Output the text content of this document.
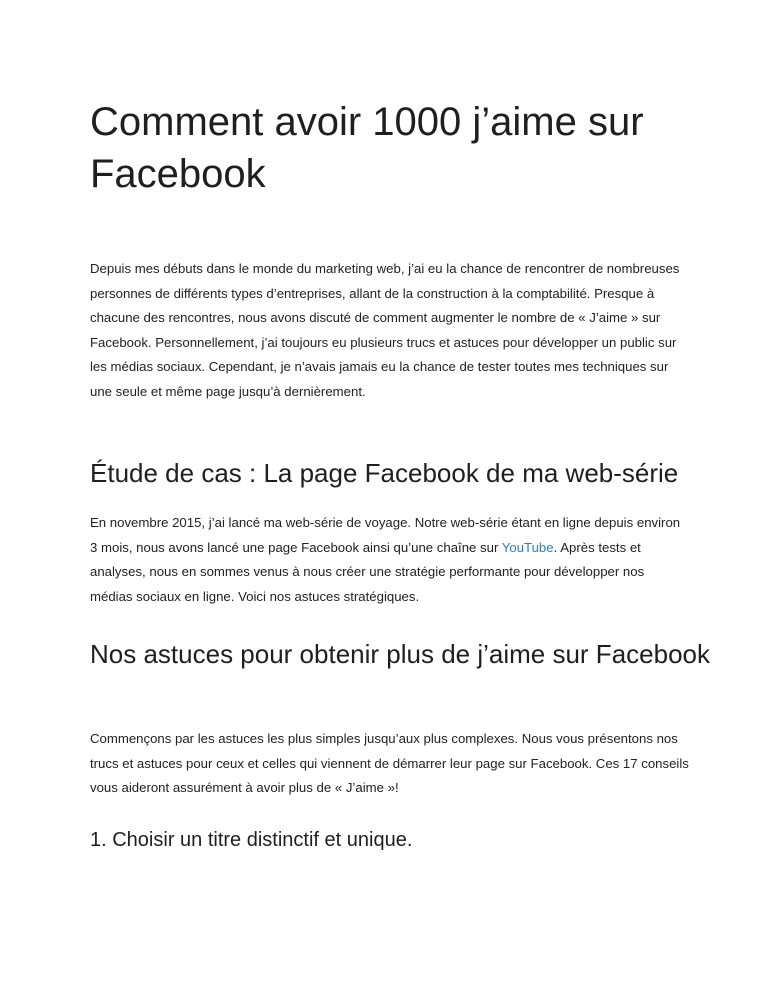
Comment avoir 1000 j’aime sur Facebook

Depuis mes débuts dans le monde du marketing web, j’ai eu la chance de rencontrer de nombreuses personnes de différents types d’entreprises, allant de la construction à la comptabilité. Presque à chacune des rencontres, nous avons discuté de comment augmenter le nombre de « J’aime » sur Facebook. Personnellement, j’ai toujours eu plusieurs trucs et astuces pour développer un public sur les médias sociaux. Cependant, je n’avais jamais eu la chance de tester toutes mes techniques sur une seule et même page jusqu’à dernièrement.

Étude de cas : La page Facebook de ma web-série

En novembre 2015, j’ai lancé ma web-série de voyage. Notre web-série étant en ligne depuis environ 3 mois, nous avons lancé une page Facebook ainsi qu’une chaîne sur YouTube. Après tests et analyses, nous en sommes venus à nous créer une stratégie performante pour développer nos médias sociaux en ligne. Voici nos astuces stratégiques.

Nos astuces pour obtenir plus de j’aime sur Facebook

Commençons par les astuces les plus simples jusqu’aux plus complexes. Nous vous présentons nos trucs et astuces pour ceux et celles qui viennent de démarrer leur page sur Facebook. Ces 17 conseils vous aideront assurément à avoir plus de « J’aime »!

1. Choisir un titre distinctif et unique.
